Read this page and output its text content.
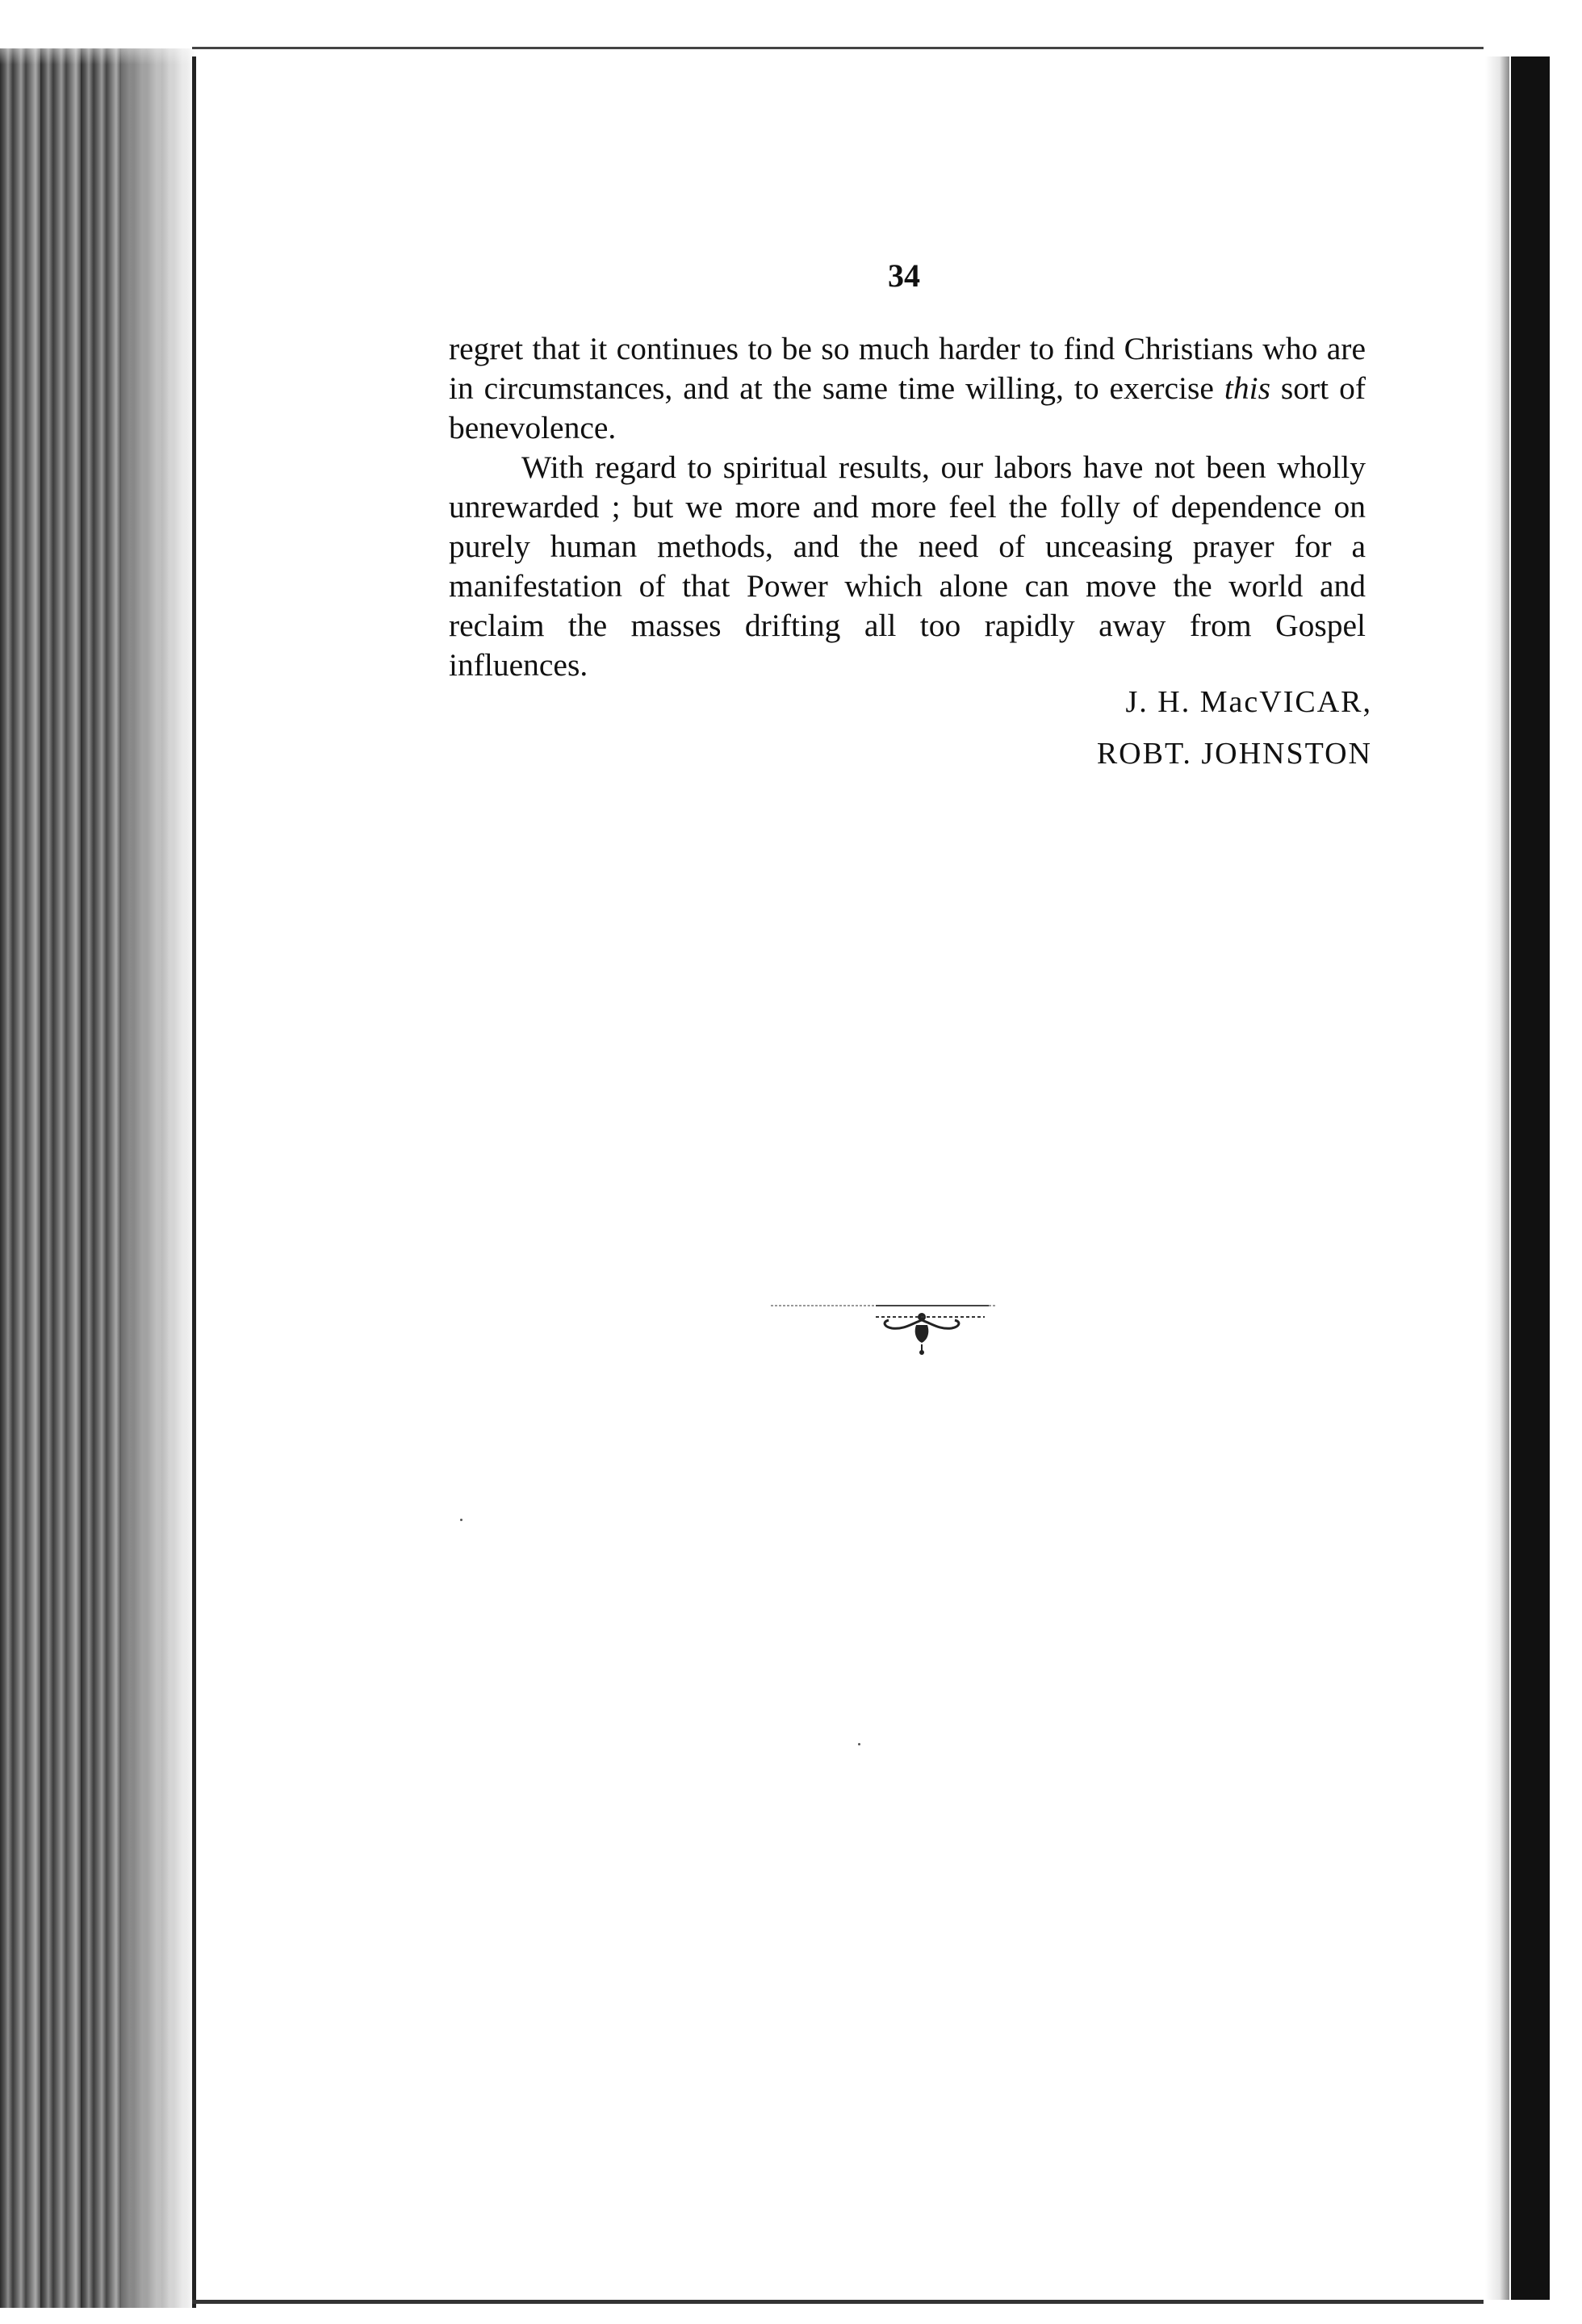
34

regret that it continues to be so much harder to find Christians who are in circumstances, and at the same time willing, to exercise this sort of benevolence.

With regard to spiritual results, our labors have not been wholly unrewarded ; but we more and more feel the folly of dependence on purely human methods, and the need of unceasing prayer for a manifestation of that Power which alone can move the world and reclaim the masses drifting all too rapidly away from Gospel influences.

J. H. MacVICAR,
ROBT. JOHNSTON
